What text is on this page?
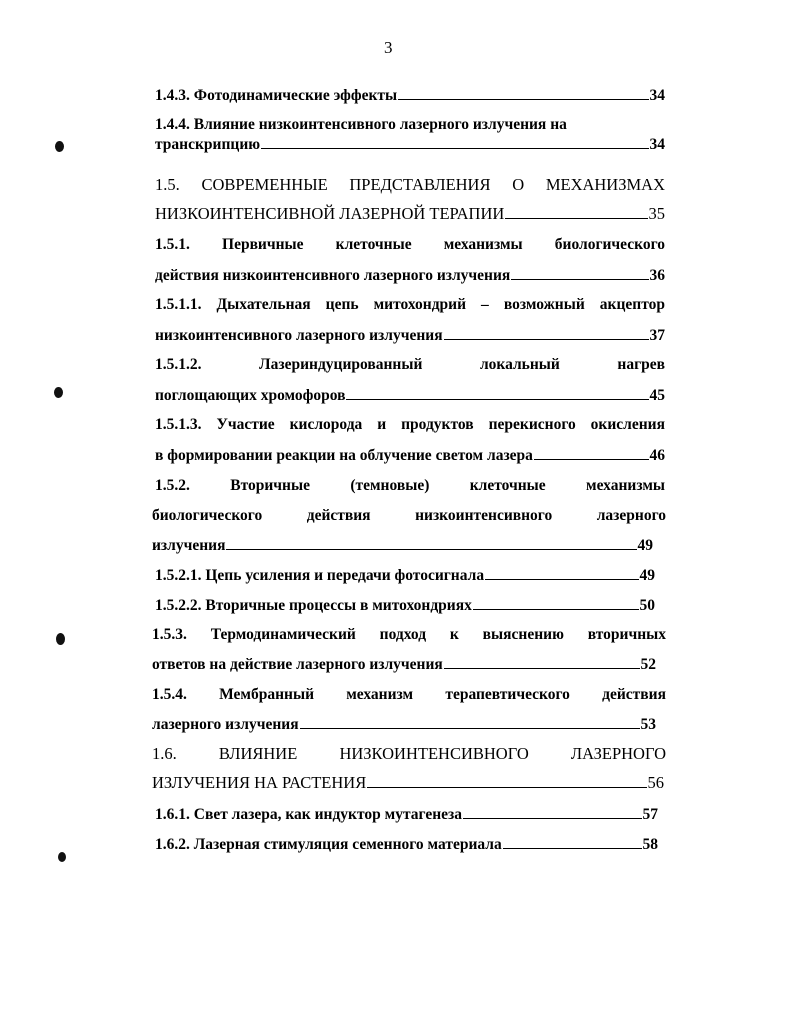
3
1.4.3. Фотодинамические эффекты	34
1.4.4. Влияние низкоинтенсивного лазерного излучения на
транскрипцию	34
1.5. СОВРЕМЕННЫЕ ПРЕДСТАВЛЕНИЯ О МЕХАНИЗМАХ
НИЗКОИНТЕНСИВНОЙ ЛАЗЕРНОЙ ТЕРАПИИ	35
1.5.1. Первичные клеточные механизмы биологического
действия низкоинтенсивного лазерного излучения	36
1.5.1.1. Дыхательная цепь митохондрий – возможный акцептор
низкоинтенсивного лазерного излучения	37
1.5.1.2. Лазериндуцированный локальный нагрев
поглощающих хромофоров	45
1.5.1.3. Участие кислорода и продуктов перекисного окисления
в формировании реакции на облучение светом лазера	46
1.5.2. Вторичные (темновые) клеточные механизмы
биологического действия низкоинтенсивного лазерного
излучения	49
1.5.2.1. Цепь усиления и передачи фотосигнала	49
1.5.2.2. Вторичные процессы в митохондриях	50
1.5.3. Термодинамический подход к выяснению вторичных
ответов на действие лазерного излучения	52
1.5.4. Мембранный механизм терапевтического действия
лазерного излучения	53
1.6. ВЛИЯНИЕ НИЗКОИНТЕНСИВНОГО ЛАЗЕРНОГО
ИЗЛУЧЕНИЯ НА РАСТЕНИЯ	56
1.6.1. Свет лазера, как индуктор мутагенеза	57
1.6.2. Лазерная стимуляция семенного материала	58
